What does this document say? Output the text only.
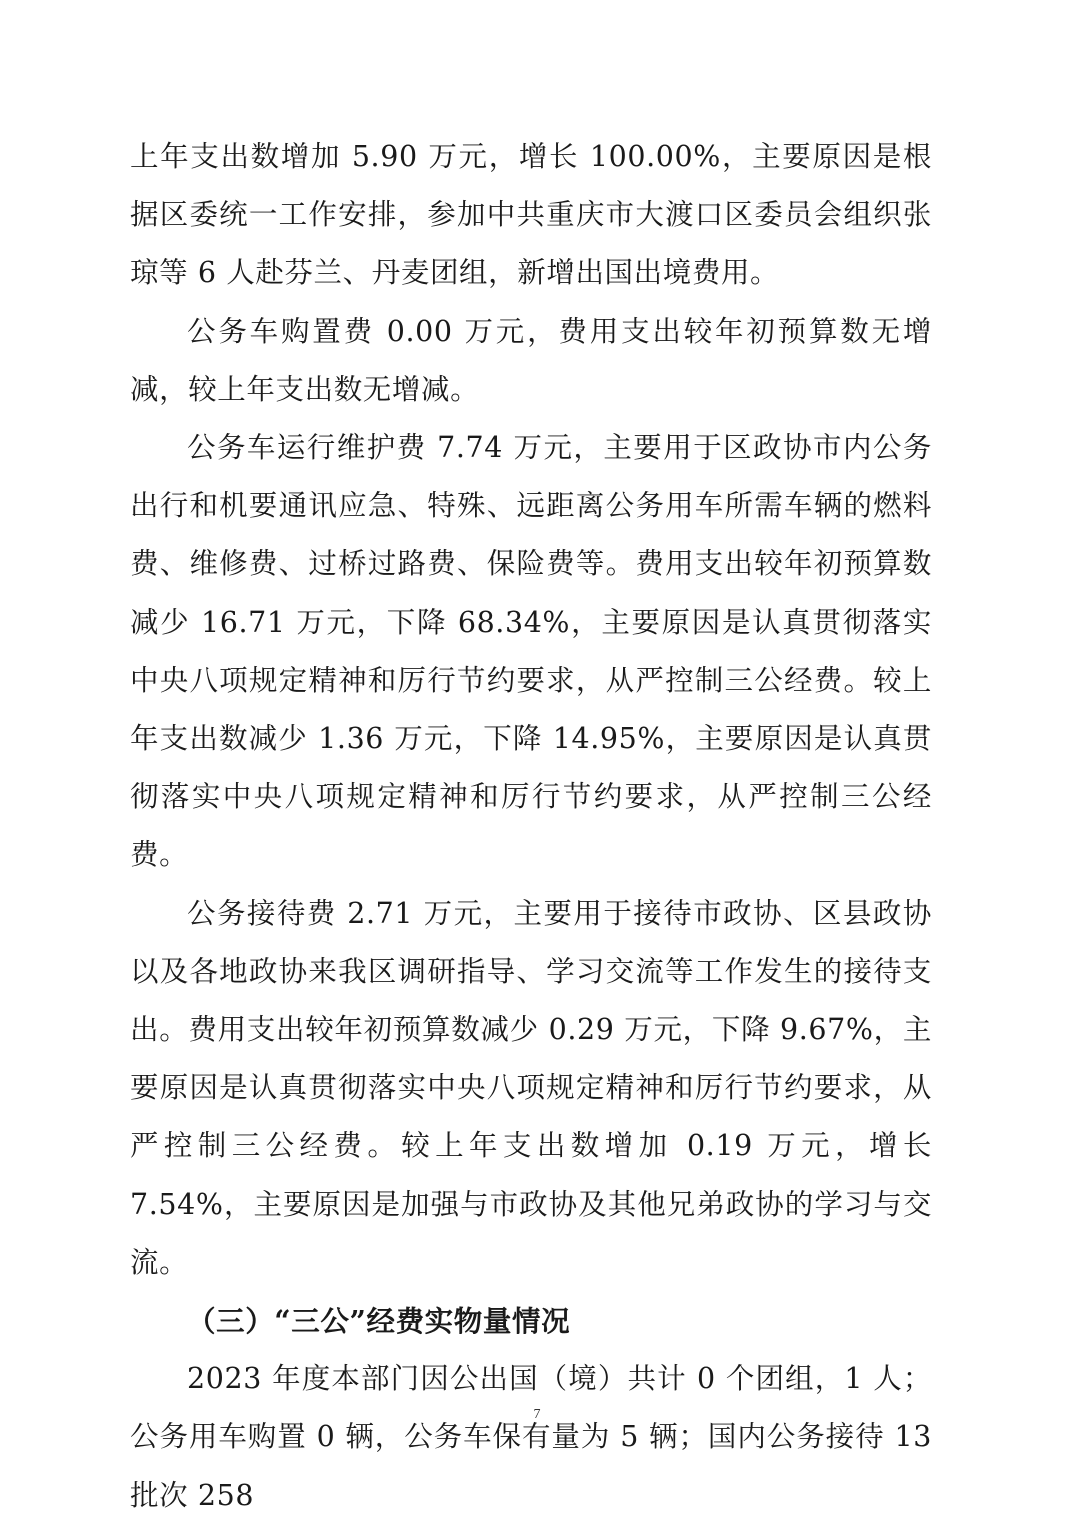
上年支出数增加 5.90 万元，增长 100.00%，主要原因是根据区委统一工作安排，参加中共重庆市大渡口区委员会组织张琼等 6 人赴芬兰、丹麦团组，新增出国出境费用。

公务车购置费 0.00 万元，费用支出较年初预算数无增减，较上年支出数无增减。

公务车运行维护费 7.74 万元，主要用于区政协市内公务出行和机要通讯应急、特殊、远距离公务用车所需车辆的燃料费、维修费、过桥过路费、保险费等。费用支出较年初预算数减少 16.71 万元，下降 68.34%，主要原因是认真贯彻落实中央八项规定精神和厉行节约要求，从严控制三公经费。较上年支出数减少 1.36 万元，下降 14.95%，主要原因是认真贯彻落实中央八项规定精神和厉行节约要求，从严控制三公经费。

公务接待费 2.71 万元，主要用于接待市政协、区县政协以及各地政协来我区调研指导、学习交流等工作发生的接待支出。费用支出较年初预算数减少 0.29 万元，下降 9.67%，主要原因是认真贯彻落实中央八项规定精神和厉行节约要求，从严控制三公经费。较上年支出数增加 0.19 万元，增长 7.54%，主要原因是加强与市政协及其他兄弟政协的学习与交流。

（三）“三公”经费实物量情况

2023 年度本部门因公出国（境）共计 0 个团组，1 人；公务用车购置 0 辆，公务车保有量为 5 辆；国内公务接待 13 批次 258

7
